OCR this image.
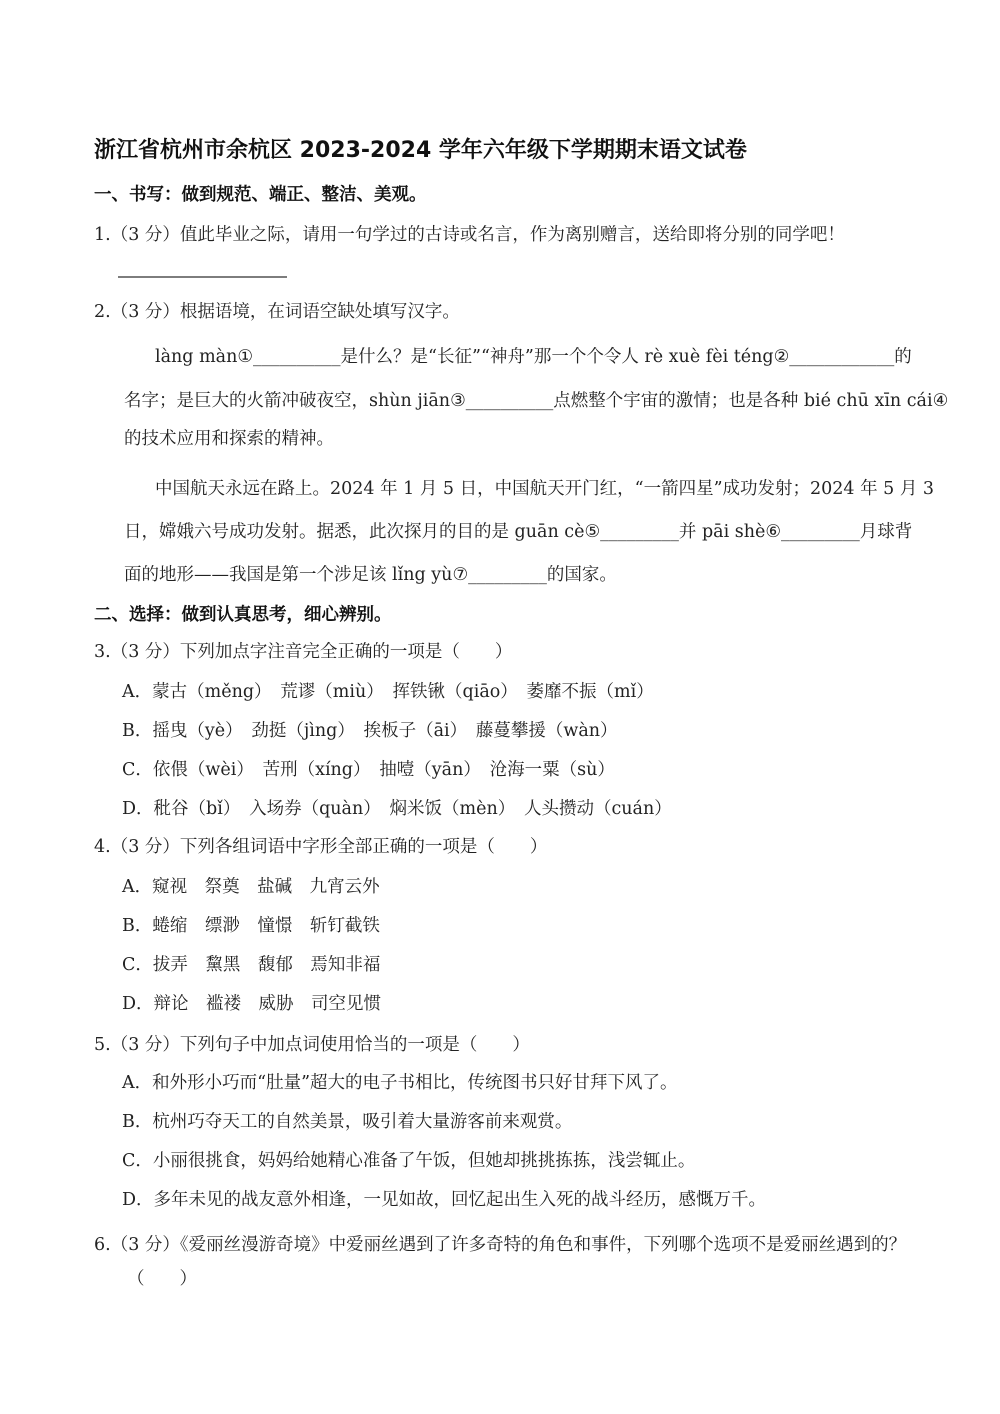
浙江省杭州市余杭区 2023-2024 学年六年级下学期期末语文试卷
一、书写：做到规范、端正、整洁、美观。
1.（3 分）值此毕业之际，请用一句学过的古诗或名言，作为离别赠言，送给即将分别的同学吧！
2.（3 分）根据语境，在词语空缺处填写汉字。
làng màn①__________是什么？是“长征”“神舟”那一个个令人 rè xuè fèi téng②____________的
名字；是巨大的火箭冲破夜空，shùn jiān③__________点燃整个宇宙的激情；也是各种 bié chū xīn cái④
的技术应用和探索的精神。
中国航天永远在路上。2024 年 1 月 5 日，中国航天开门红，“一箭四星”成功发射；2024 年 5 月 3
日，嫦娥六号成功发射。据悉，此次探月的目的是 guān cè⑤_________并 pāi shè⑥_________月球背
面的地形——我国是第一个涉足该 lǐng yù⑦_________的国家。
二、选择：做到认真思考，细心辨别。
3.（3 分）下列加点字注音完全正确的一项是（　　）
A．蒙古（měng）　荒谬（miù）　挥铁锹（qiāo）　萎靡不振（mǐ）
B．摇曳（yè）　劲挺（jìng）　挨板子（āi）　藤蔓攀援（wàn）
C．依偎（wèi）　苦刑（xíng）　抽噎（yān）　沧海一粟（sù）
D．秕谷（bǐ）　入场券（quàn）　焖米饭（mèn）　人头攒动（cuán）
4.（3 分）下列各组词语中字形全部正确的一项是（　　）
A．窥视　祭奠　盐碱　九宵云外
B．蜷缩　缥渺　憧憬　斩钉截铁
C．拔弄　黧黑　馥郁　焉知非福
D．辩论　褴褛　威胁　司空见惯
5.（3 分）下列句子中加点词使用恰当的一项是（　　）
A．和外形小巧而“肚量”超大的电子书相比，传统图书只好甘拜下风了。
B．杭州巧夺天工的自然美景，吸引着大量游客前来观赏。
C．小丽很挑食，妈妈给她精心准备了午饭，但她却挑挑拣拣，浅尝辄止。
D．多年未见的战友意外相逢，一见如故，回忆起出生入死的战斗经历，感慨万千。
6.（3 分）《爱丽丝漫游奇境》中爱丽丝遇到了许多奇特的角色和事件，下列哪个选项不是爱丽丝遇到的？
（　　）
